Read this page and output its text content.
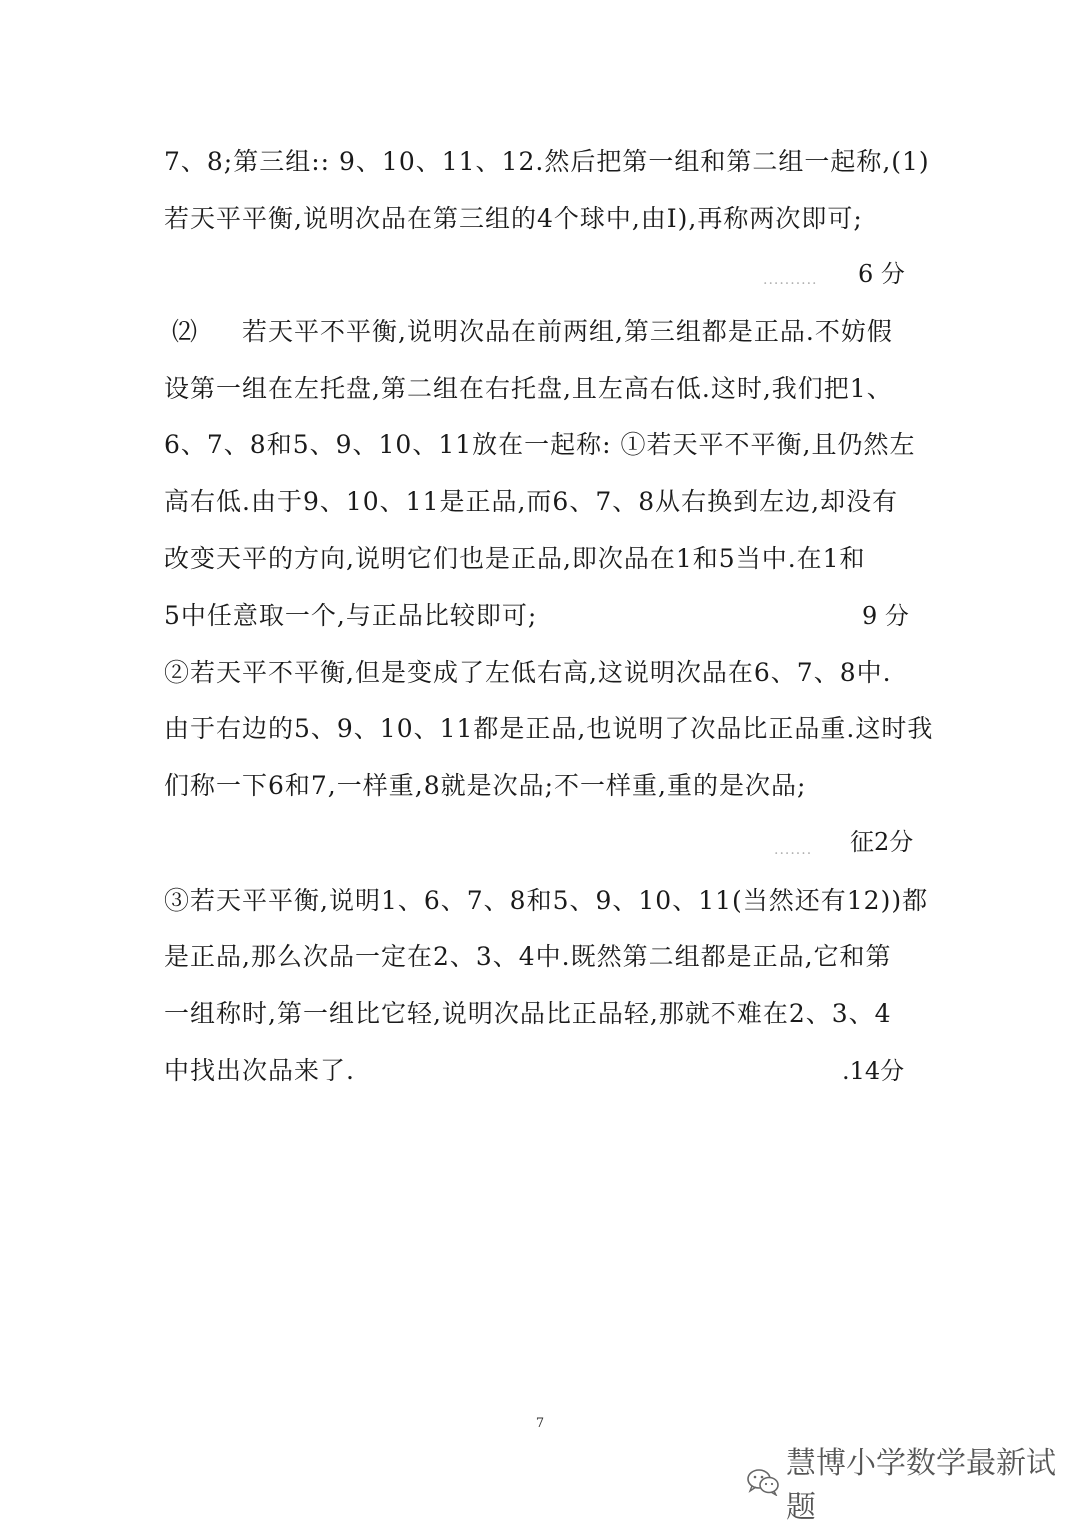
7、8;第三组:: 9、10、11、12.然后把第一组和第二组一起称,(1)
若天平平衡,说明次品在第三组的4个球中,由Ⅰ),再称两次即可;
.......... 6 分
⑵ 若天平不平衡,说明次品在前两组,第三组都是正品.不妨假
设第一组在左托盘,第二组在右托盘,且左高右低.这时,我们把1、
6、7、8和5、9、10、11放在一起称: ①若天平不平衡,且仍然左
高右低.由于9、10、11是正品,而6、7、8从右换到左边,却没有
改变天平的方向,说明它们也是正品,即次品在1和5当中.在1和
5中任意取一个,与正品比较即可;	9 分
②若天平不平衡,但是变成了左低右高,这说明次品在6、7、8中.
由于右边的5、9、10、11都是正品,也说明了次品比正品重.这时我
们称一下6和7,一样重,8就是次品;不一样重,重的是次品;
....... 征2分
③若天平平衡,说明1、6、7、8和5、9、10、11(当然还有12))都
是正品,那么次品一定在2、3、4中.既然第二组都是正品,它和第
一组称时,第一组比它轻,说明次品比正品轻,那就不难在2、3、4
中找出次品来了.	.14分
7
慧博小学数学最新试题
